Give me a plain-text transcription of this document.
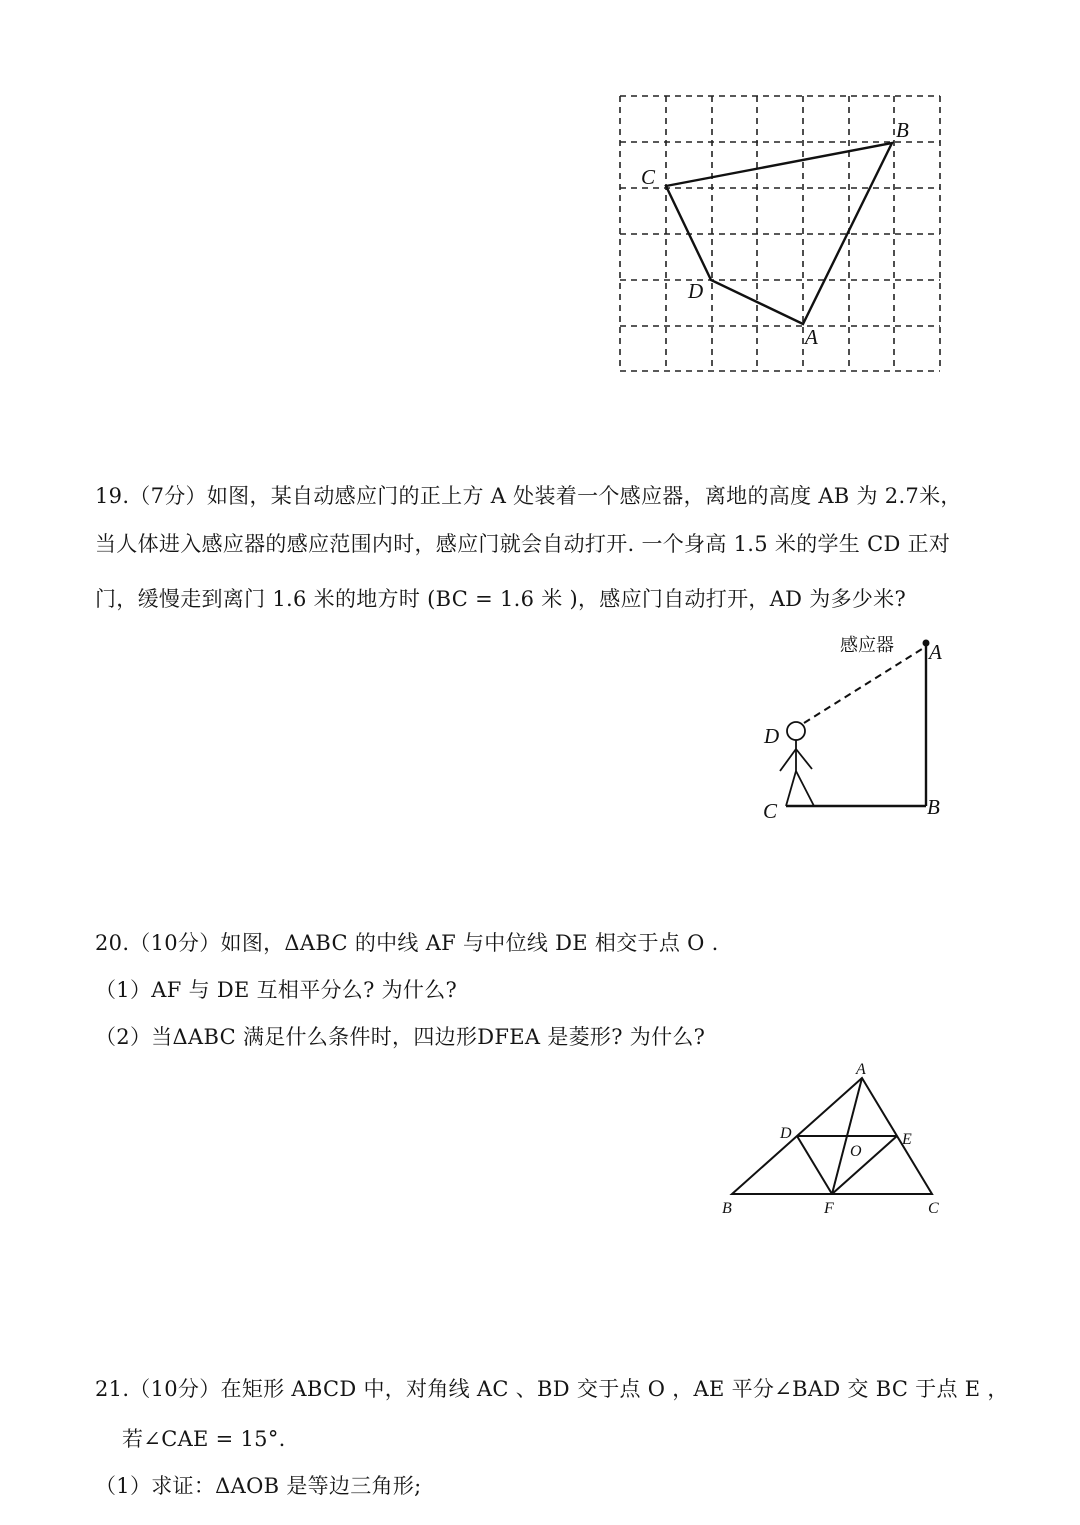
B
C
D
A
19.（7分）如图，某自动感应门的正上方 A 处装着一个感应器，离地的高度 AB 为 2.7米，
当人体进入感应器的感应范围内时，感应门就会自动打开. 一个身高 1.5 米的学生 CD 正对
门，缓慢走到离门 1.6 米的地方时 (BC = 1.6 米 )，感应门自动打开，AD 为多少米?
感应器 A
D
C	B
20.（10分）如图，ΔABC 的中线 AF 与中位线 DE 相交于点 O .
（1）AF 与 DE 互相平分么? 为什么?
（2）当ΔABC 满足什么条件时，四边形DFEA 是菱形? 为什么?
A
D	E
O
B	F	C
21.（10分）在矩形 ABCD 中，对角线 AC 、BD 交于点 O ，AE 平分∠BAD 交 BC 于点 E ，
若∠CAE = 15°.
（1）求证：ΔAOB 是等边三角形;
